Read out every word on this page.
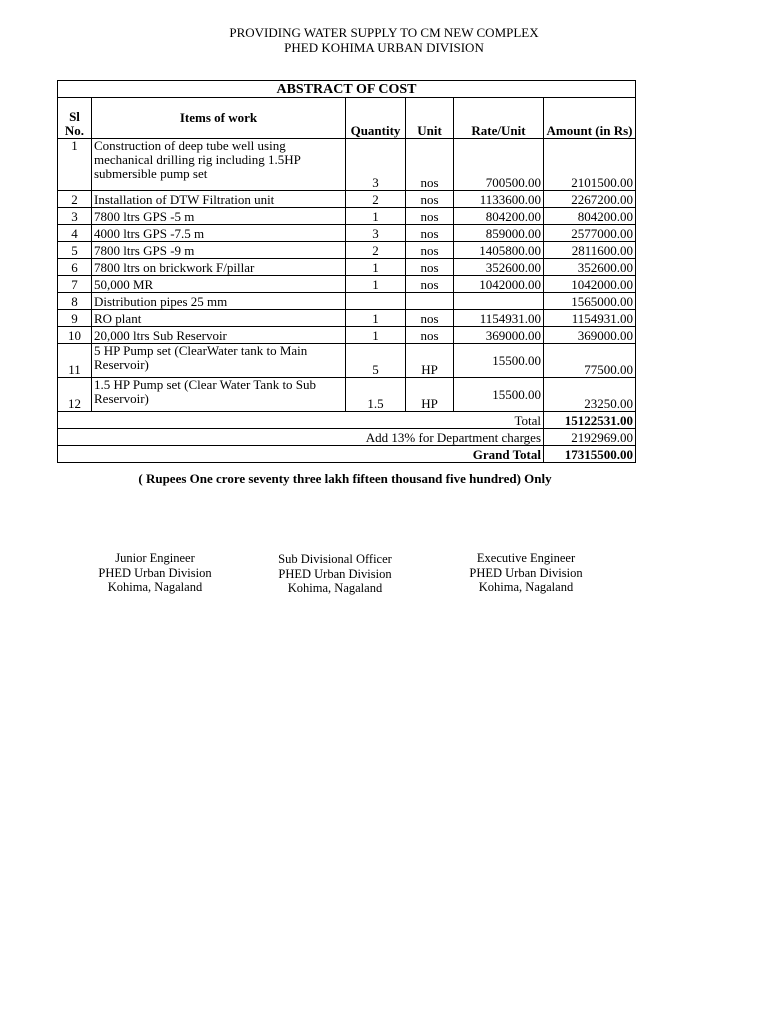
PROVIDING WATER SUPPLY TO CM NEW COMPLEX
PHED KOHIMA URBAN DIVISION
ABSTRACT OF COST					
Sl No.	Items of work	Quantity	Unit	Rate/Unit	Amount (in Rs)
1	Construction of deep tube well using mechanical drilling rig including 1.5HP submersible pump set	3	nos	700500.00	2101500.00
2	Installation of DTW Filtration unit	2	nos	1133600.00	2267200.00
3	7800 ltrs GPS -5 m	1	nos	804200.00	804200.00
4	4000 ltrs GPS -7.5 m	3	nos	859000.00	2577000.00
5	7800 ltrs GPS -9 m	2	nos	1405800.00	2811600.00
6	7800 ltrs on brickwork F/pillar	1	nos	352600.00	352600.00
7	50,000 MR	1	nos	1042000.00	1042000.00
8	Distribution pipes 25 mm				1565000.00
9	RO plant	1	nos	1154931.00	1154931.00
10	20,000 ltrs Sub Reservoir	1	nos	369000.00	369000.00
11	5 HP Pump set (ClearWater tank to Main Reservoir)	5	HP	15500.00	77500.00
12	1.5 HP Pump set (Clear Water Tank to Sub Reservoir)	1.5	HP	15500.00	23250.00
Total					15122531.00
Add 13% for Department charges					2192969.00
Grand Total					17315500.00
( Rupees One crore seventy three lakh fifteen thousand five hundred) Only
Junior Engineer
PHED Urban Division
Kohima, Nagaland
Sub Divisional Officer
PHED Urban Division
Kohima, Nagaland
Executive Engineer
PHED Urban Division
Kohima, Nagaland
